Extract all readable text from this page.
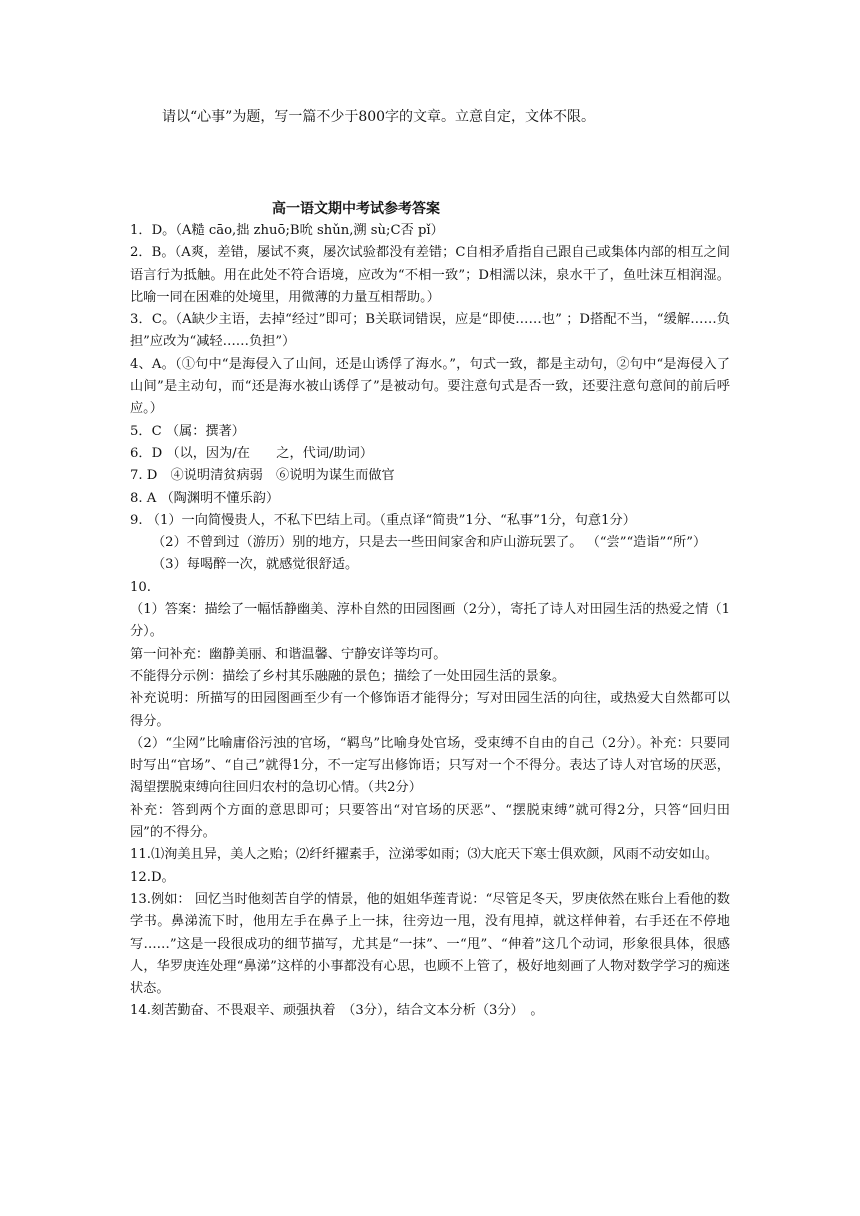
请以“心事”为题，写一篇不少于800字的文章。立意自定，文体不限。
高一语文期中考试参考答案

1．D。（A糙 cāo,拙 zhuō;B吮 shǔn,溯 sù;C否 pǐ）

2．B。（A爽，差错，屡试不爽，屡次试验都没有差错；C自相矛盾指自己跟自己或集体内部的相互之间语言行为抵触。用在此处不符合语境，应改为“不相一致”；D相濡以沫，泉水干了，鱼吐沫互相润湿。比喻一同在困难的处境里，用微薄的力量互相帮助。）

3．C。（A缺少主语，去掉“经过”即可；B关联词错误，应是“即使……也” ；D搭配不当，“缓解……负担”应改为“减轻……负担”）

4、A。（①句中“是海侵入了山间，还是山诱俘了海水。”，句式一致，都是主动句，②句中“是海侵入了山间”是主动句，而“还是海水被山诱俘了”是被动句。要注意句式是否一致，还要注意句意间的前后呼应。）

5．C （属：撰著）

6．D （以，因为/在　　之，代词/助词）

7. D　④说明清贫病弱　⑥说明为谋生而做官

8. A （陶渊明不懂乐韵）

9. （1）一向简慢贵人，不私下巴结上司。（重点译“简贵”1分、“私事”1分，句意1分）

（2）不曾到过（游历）别的地方，只是去一些田间家舍和庐山游玩罢了。 （“尝”“造诣”“所”）

（3）每喝醉一次，就感觉很舒适。

10.

（1）答案：描绘了一幅恬静幽美、淳朴自然的田园图画（2分），寄托了诗人对田园生活的热爱之情（1分）。

第一问补充：幽静美丽、和谐温馨、宁静安详等均可。

不能得分示例：描绘了乡村其乐融融的景色；描绘了一处田园生活的景象。

补充说明：所描写的田园图画至少有一个修饰语才能得分；写对田园生活的向往，或热爱大自然都可以得分。

（2）“尘网”比喻庸俗污浊的官场，“羁鸟”比喻身处官场，受束缚不自由的自己（2分）。补充：只要同时写出“官场”、“自己”就得1分，不一定写出修饰语；只写对一个不得分。表达了诗人对官场的厌恶，渴望摆脱束缚向往回归农村的急切心情。（共2分）

补充：答到两个方面的意思即可；只要答出“对官场的厌恶”、“摆脱束缚”就可得2分，只答“回归田园”的不得分。

11.⑴洵美且异，美人之贻；⑵纤纤擢素手，泣涕零如雨；⑶大庇天下寒士俱欢颜，风雨不动安如山。

12.D。

13.例如： 回忆当时他刻苦自学的情景，他的姐姐华莲青说：“尽管足冬天，罗庚依然在账台上看他的数学书。鼻涕流下时，他用左手在鼻子上一抹，往旁边一甩，没有甩掉，就这样伸着，右手还在不停地写……”这是一段很成功的细节描写，尤其是“一抹”、一“甩”、“伸着”这几个动词，形象很具体，很感人，华罗庚连处理“鼻涕”这样的小事都没有心思，也顾不上管了，极好地刻画了人物对数学学习的痴迷状态。

14.刻苦勤奋、不畏艰辛、顽强执着　（3分），结合文本分析（3分）　。
